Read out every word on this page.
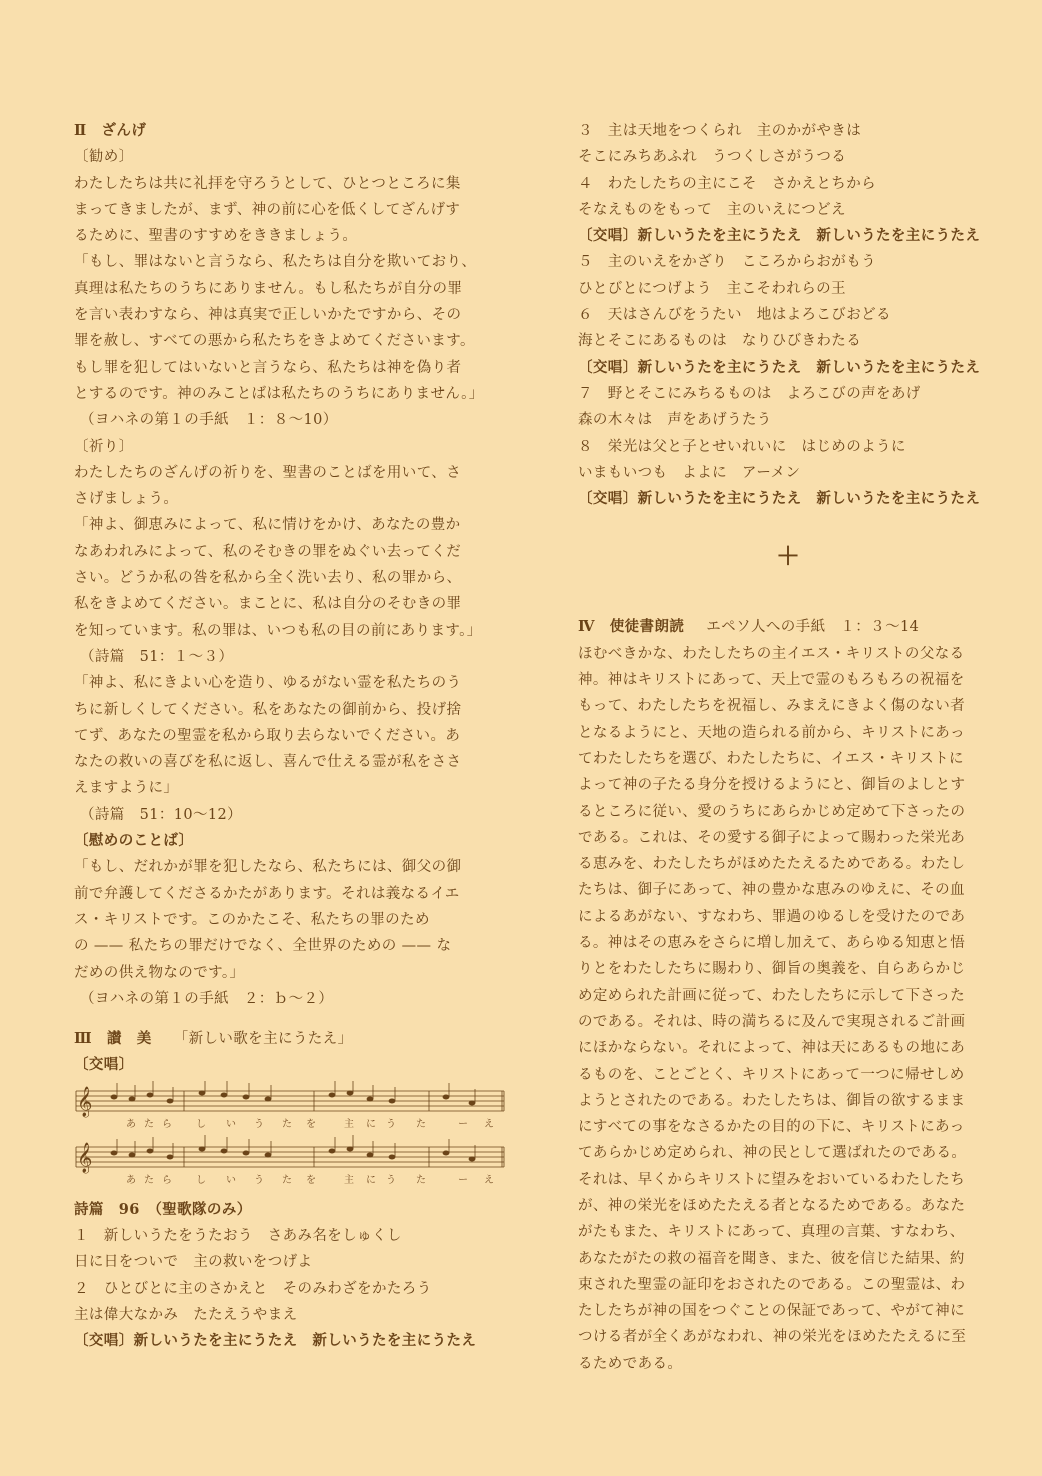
Ⅱ　ざんげ
〔勧め〕
わたしたちは共に礼拝を守ろうとして、ひとつところに集
まってきましたが、まず、神の前に心を低くしてざんげす
るために、聖書のすすめをききましょう。
「もし、罪はないと言うなら、私たちは自分を欺いており、
真理は私たちのうちにありません。もし私たちが自分の罪
を言い表わすなら、神は真実で正しいかたですから、その
罪を赦し、すべての悪から私たちをきよめてくださいます。
もし罪を犯してはいないと言うなら、私たちは神を偽り者
とするのです。神のみことばは私たちのうちにありません。」
（ヨハネの第１の手紙　１：８～10）
〔祈り〕
わたしたちのざんげの祈りを、聖書のことばを用いて、さ
さげましょう。
「神よ、御恵みによって、私に情けをかけ、あなたの豊か
なあわれみによって、私のそむきの罪をぬぐい去ってくだ
さい。どうか私の咎を私から全く洗い去り、私の罪から、
私をきよめてください。まことに、私は自分のそむきの罪
を知っています。私の罪は、いつも私の目の前にあります。」
（詩篇　51：１～３）
「神よ、私にきよい心を造り、ゆるがない霊を私たちのう
ちに新しくしてください。私をあなたの御前から、投げ捨
てず、あなたの聖霊を私から取り去らないでください。あ
なたの救いの喜びを私に返し、喜んで仕える霊が私をささ
えますように」
（詩篇　51：10～12）
〔慰めのことば〕
「もし、だれかが罪を犯したなら、私たちには、御父の御
前で弁護してくださるかたがあります。それは義なるイエ
ス・キリストです。このかたこそ、私たちの罪のため
の —— 私たちの罪だけでなく、全世界のための —— な
だめの供え物なのです。」
（ヨハネの第１の手紙　２：ｂ～２）
Ⅲ　讃　美 「新しい歌を主にうたえ」
〔交唱〕
𝄞
𝄞
あ た ら し い う た を	主 に う た	ー え
あ た ら し い う た を	主 に う た	ー え
詩篇　96　（聖歌隊のみ）
１　新しいうたをうたおう　さあみ名をしゅくし
日に日をついで　主の救いをつげよ
２　ひとびとに主のさかえと　そのみわざをかたろう
主は偉大なかみ　たたえうやまえ
〔交唱〕新しいうたを主にうたえ　新しいうたを主にうたえ
３　主は天地をつくられ　主のかがやきは
そこにみちあふれ　うつくしさがうつる
４　わたしたちの主にこそ　さかえとちから
そなえものをもって　主のいえにつどえ
〔交唱〕新しいうたを主にうたえ　新しいうたを主にうたえ
５　主のいえをかざり　こころからおがもう
ひとびとにつげよう　主こそわれらの王
６　天はさんびをうたい　地はよろこびおどる
海とそこにあるものは　なりひびきわたる
〔交唱〕新しいうたを主にうたえ　新しいうたを主にうたえ
７　野とそこにみちるものは　よろこびの声をあげ
森の木々は　声をあげうたう
８　栄光は父と子とせいれいに　はじめのように
いまもいつも　よよに　アーメン
〔交唱〕新しいうたを主にうたえ　新しいうたを主にうたえ
＋
Ⅳ　使徒書朗読 エペソ人への手紙　１：３～14
ほむべきかな、わたしたちの主イエス・キリストの父なる
神。神はキリストにあって、天上で霊のもろもろの祝福を
もって、わたしたちを祝福し、みまえにきよく傷のない者
となるようにと、天地の造られる前から、キリストにあっ
てわたしたちを選び、わたしたちに、イエス・キリストに
よって神の子たる身分を授けるようにと、御旨のよしとす
るところに従い、愛のうちにあらかじめ定めて下さったの
である。これは、その愛する御子によって賜わった栄光あ
る恵みを、わたしたちがほめたたえるためである。わたし
たちは、御子にあって、神の豊かな恵みのゆえに、その血
によるあがない、すなわち、罪過のゆるしを受けたのであ
る。神はその恵みをさらに増し加えて、あらゆる知恵と悟
りとをわたしたちに賜わり、御旨の奥義を、自らあらかじ
め定められた計画に従って、わたしたちに示して下さった
のである。それは、時の満ちるに及んで実現されるご計画
にほかならない。それによって、神は天にあるもの地にあ
るものを、ことごとく、キリストにあって一つに帰せしめ
ようとされたのである。わたしたちは、御旨の欲するまま
にすべての事をなさるかたの目的の下に、キリストにあっ
てあらかじめ定められ、神の民として選ばれたのである。
それは、早くからキリストに望みをおいているわたしたち
が、神の栄光をほめたたえる者となるためである。あなた
がたもまた、キリストにあって、真理の言葉、すなわち、
あなたがたの救の福音を聞き、また、彼を信じた結果、約
束された聖霊の証印をおされたのである。この聖霊は、わ
たしたちが神の国をつぐことの保証であって、やがて神に
つける者が全くあがなわれ、神の栄光をほめたたえるに至
るためである。
